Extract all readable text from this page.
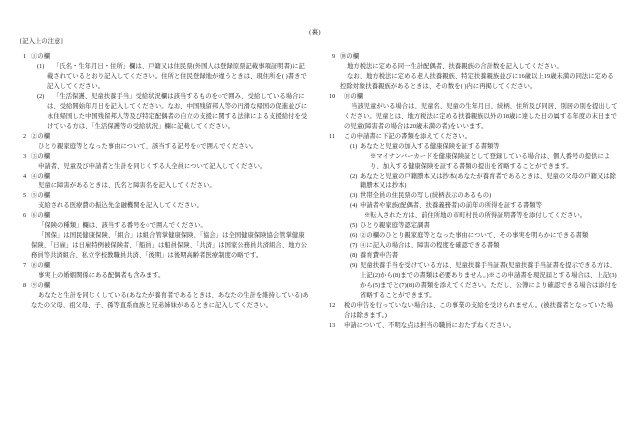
(裏)
[記入上の注意]
1 ①の欄
(1)	「氏名・生年月日・住所」欄は、戸籍又は住民票(外国人は登録原票記載事項証明書)に記載されているとおり記入してください。住所と住民登録地が違うときは、現住所を( )書きで記入してください。
(2)	「生活保護、児童扶養手当」受給状況欄は該当するものを○で囲み、受給している場合には、受給開始年月日を記入してください。なお、中国残留邦人等の円滑な帰国の促進並びに永住帰国した中国残留邦人等及び特定配偶者の自立の支援に関する法律による支援給付を受けている方は、「生活保護等の受給状況」欄に記載してください。
2 ②の欄
ひとり親家庭等となった事由について、該当する記号を○で囲んでください。
3 ③の欄
申請者、児童及び申請者と生計を同じくする人全員について記入してください。
4 ④の欄
児童に障害があるときは、氏名と障害名を記入してください。
5 ⑤の欄
支給される医療費の振込先金融機関を記入してください。
6 ⑥の欄
「保険の種類」欄は、該当する番号を○で囲んでください。
「国保」は国民健康保険、「組合」は組合管掌健康保険、「協会」は全国健康保険協会管掌健康保険、「日雇」は日雇特例被保険者、「船員」は船員保険、「共済」は国家公務員共済組合、地方公務員等共済組合、私立学校教職員共済、「後期」は後期高齢者医療制度の略です。
7 ⑧の欄
事実上の婚姻関係にある配偶者も含みます。
8 ⑨の欄
あなたと生計を同じくしている(あなたが養育者であるときは、あなたの生計を維持している)あなたの父母、祖父母、子、孫等直系血族と兄弟姉妹があるときに記入してください。
9 ⑩の欄
地方税法に定める同一生計配偶者、扶養親族の合計数を記入してください。
なお、地方税法に定める老人扶養親族、特定扶養親族並びに16歳以上19歳未満の同法に定める控除対象扶養親族があるときは、その数を( )内に再掲してください。
10	⑪の欄
当該児童がいる場合は、児童名、児童の生年月日、続柄、住所及び同居、別居の別を提出してください。児童とは、地方税法に定める扶養親族以外の18歳に達した日の属する年度の末日までの児童(障害者の場合は20歳未満の者)をいいます。
11	この申請書に下記の書類を添えてください。
(1) あなたと児童の加入する健康保険を証する書類等
※マイナンバーカードを健康保険証として登録している場合は、個人番号の提供により、加入する健康保険を証する書類の提出を省略することができます。
(2) あなたと児童の戸籍謄本又は抄本(あなたが養育者であるときは、児童の父母の戸籍又は除籍謄本又は抄本)
(3) 世帯全員の住民票の写し(続柄表示のあるもの)
(4) 申請者や家族(配偶者、扶養義務者)の前年の所得を証する書類等
※転入された方は、前住所地の市町村長の所得証明書等を添付してください。
(5) ひとり親家庭等認定調書
(6) ②の欄のひとり親家庭等となった事由について、その事実を明らかにできる書類
(7) ④に記入の場合は、障害の程度を確認できる書類
(8) 養育費申告書
(9) 児童扶養手当を受けている方は、児童扶養手当証書(児童扶養手当証書を提示できる方は、上記(2)から(8)までの書類は必要ありません。)※この申請書を現況届とする場合は、上記(3)から(5)までと(7)(8)の書類を添えてください。ただし、公簿により確認できる場合は添付を省略することができます。
12	税の申告を行っていない場合は、この事業の支給を受けられません。(被扶養者となっていた場合は除きます。)
13	申請について、不明な点は担当の職員におたずねください。
